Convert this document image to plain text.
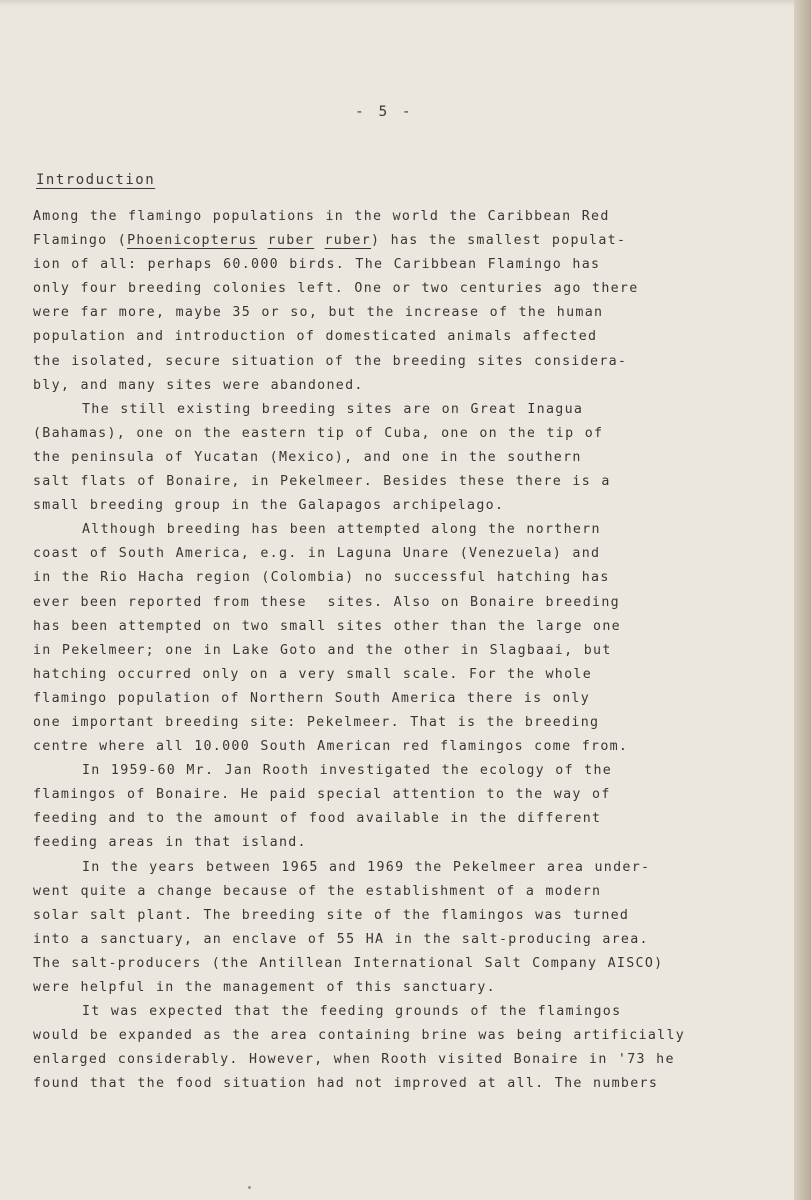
- 5 -
Introduction
Among the flamingo populations in the world the Caribbean Red
Flamingo (Phoenicopterus ruber ruber) has the smallest populat-
ion of all: perhaps 60.000 birds. The Caribbean Flamingo has
only four breeding colonies left. One or two centuries ago there
were far more, maybe 35 or so, but the increase of the human
population and introduction of domesticated animals affected
the isolated, secure situation of the breeding sites considera-
bly, and many sites were abandoned.
The still existing breeding sites are on Great Inagua
(Bahamas), one on the eastern tip of Cuba, one on the tip of
the peninsula of Yucatan (Mexico), and one in the southern
salt flats of Bonaire, in Pekelmeer. Besides these there is a
small breeding group in the Galapagos archipelago.
Although breeding has been attempted along the northern
coast of South America, e.g. in Laguna Unare (Venezuela) and
in the Rio Hacha region (Colombia) no successful hatching has
ever been reported from these  sites. Also on Bonaire breeding
has been attempted on two small sites other than the large one
in Pekelmeer; one in Lake Goto and the other in Slagbaai, but
hatching occurred only on a very small scale. For the whole
flamingo population of Northern South America there is only
one important breeding site: Pekelmeer. That is the breeding
centre where all 10.000 South American red flamingos come from.
In 1959-60 Mr. Jan Rooth investigated the ecology of the
flamingos of Bonaire. He paid special attention to the way of
feeding and to the amount of food available in the different
feeding areas in that island.
In the years between 1965 and 1969 the Pekelmeer area under-
went quite a change because of the establishment of a modern
solar salt plant. The breeding site of the flamingos was turned
into a sanctuary, an enclave of 55 HA in the salt-producing area.
The salt-producers (the Antillean International Salt Company AISCO)
were helpful in the management of this sanctuary.
It was expected that the feeding grounds of the flamingos
would be expanded as the area containing brine was being artificially
enlarged considerably. However, when Rooth visited Bonaire in '73 he
found that the food situation had not improved at all. The numbers
